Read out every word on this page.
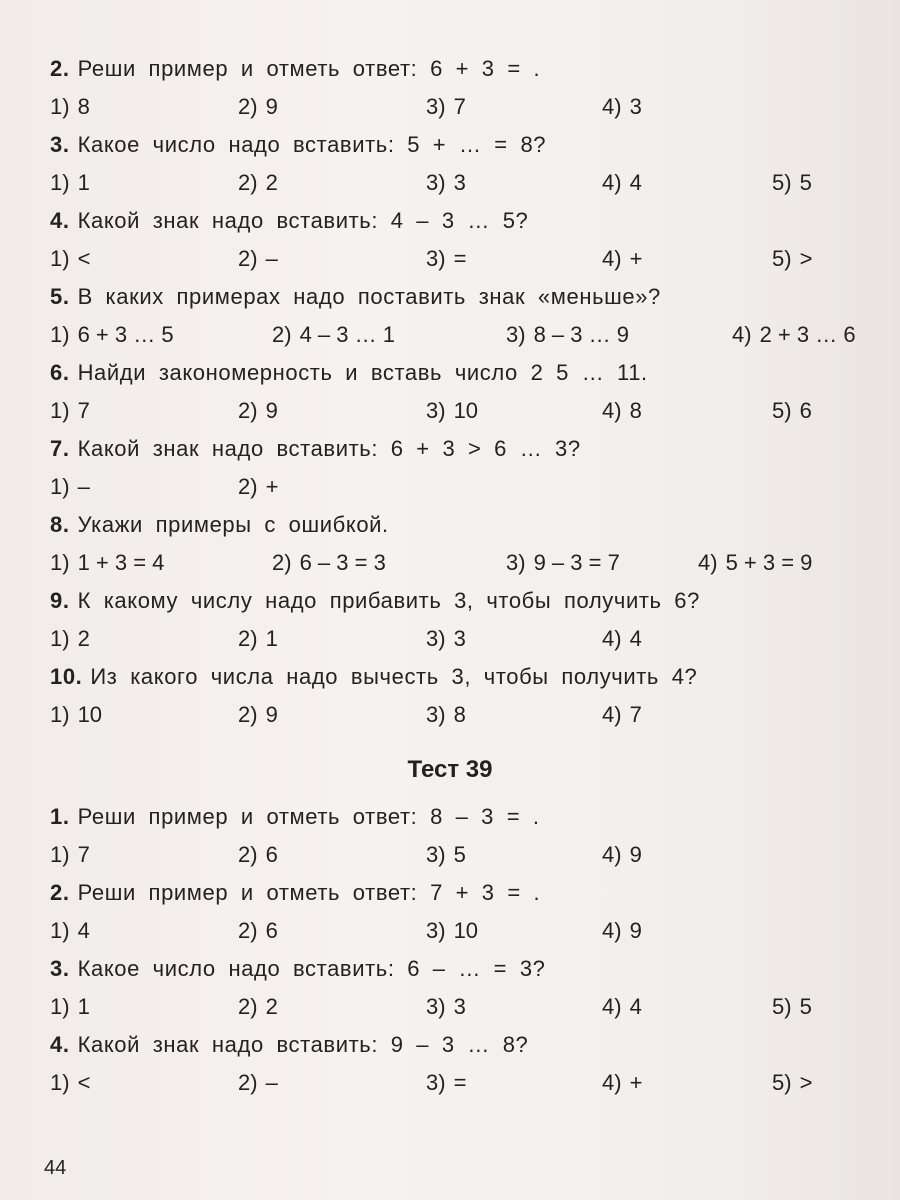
2. Реши пример и отметь ответ: 6 + 3 = .
1) 8	2) 9	3) 7	4) 3
3. Какое число надо вставить: 5 + … = 8?
1) 1	2) 2	3) 3	4) 4	5) 5
4. Какой знак надо вставить: 4 – 3 … 5?
1) <	2) –	3) =	4) +	5) >
5. В каких примерах надо поставить знак «меньше»?
1) 6 + 3 … 5	2) 4 – 3 … 1	3) 8 – 3 … 9	4) 2 + 3 … 6
6. Найди закономерность и вставь число 2 5 … 11.
1) 7	2) 9	3) 10	4) 8	5) 6
7. Какой знак надо вставить: 6 + 3 > 6 … 3?
1) –	2) +
8. Укажи примеры с ошибкой.
1) 1 + 3 = 4	2) 6 – 3 = 3	3) 9 – 3 = 7	4) 5 + 3 = 9
9. К какому числу надо прибавить 3, чтобы получить 6?
1) 2	2) 1	3) 3	4) 4
10. Из какого числа надо вычесть 3, чтобы получить 4?
1) 10	2) 9	3) 8	4) 7
Тест 39
1. Реши пример и отметь ответ: 8 – 3 = .
1) 7	2) 6	3) 5	4) 9
2. Реши пример и отметь ответ: 7 + 3 = .
1) 4	2) 6	3) 10	4) 9
3. Какое число надо вставить: 6 – … = 3?
1) 1	2) 2	3) 3	4) 4	5) 5
4. Какой знак надо вставить: 9 – 3 … 8?
1) <	2) –	3) =	4) +	5) >
44
